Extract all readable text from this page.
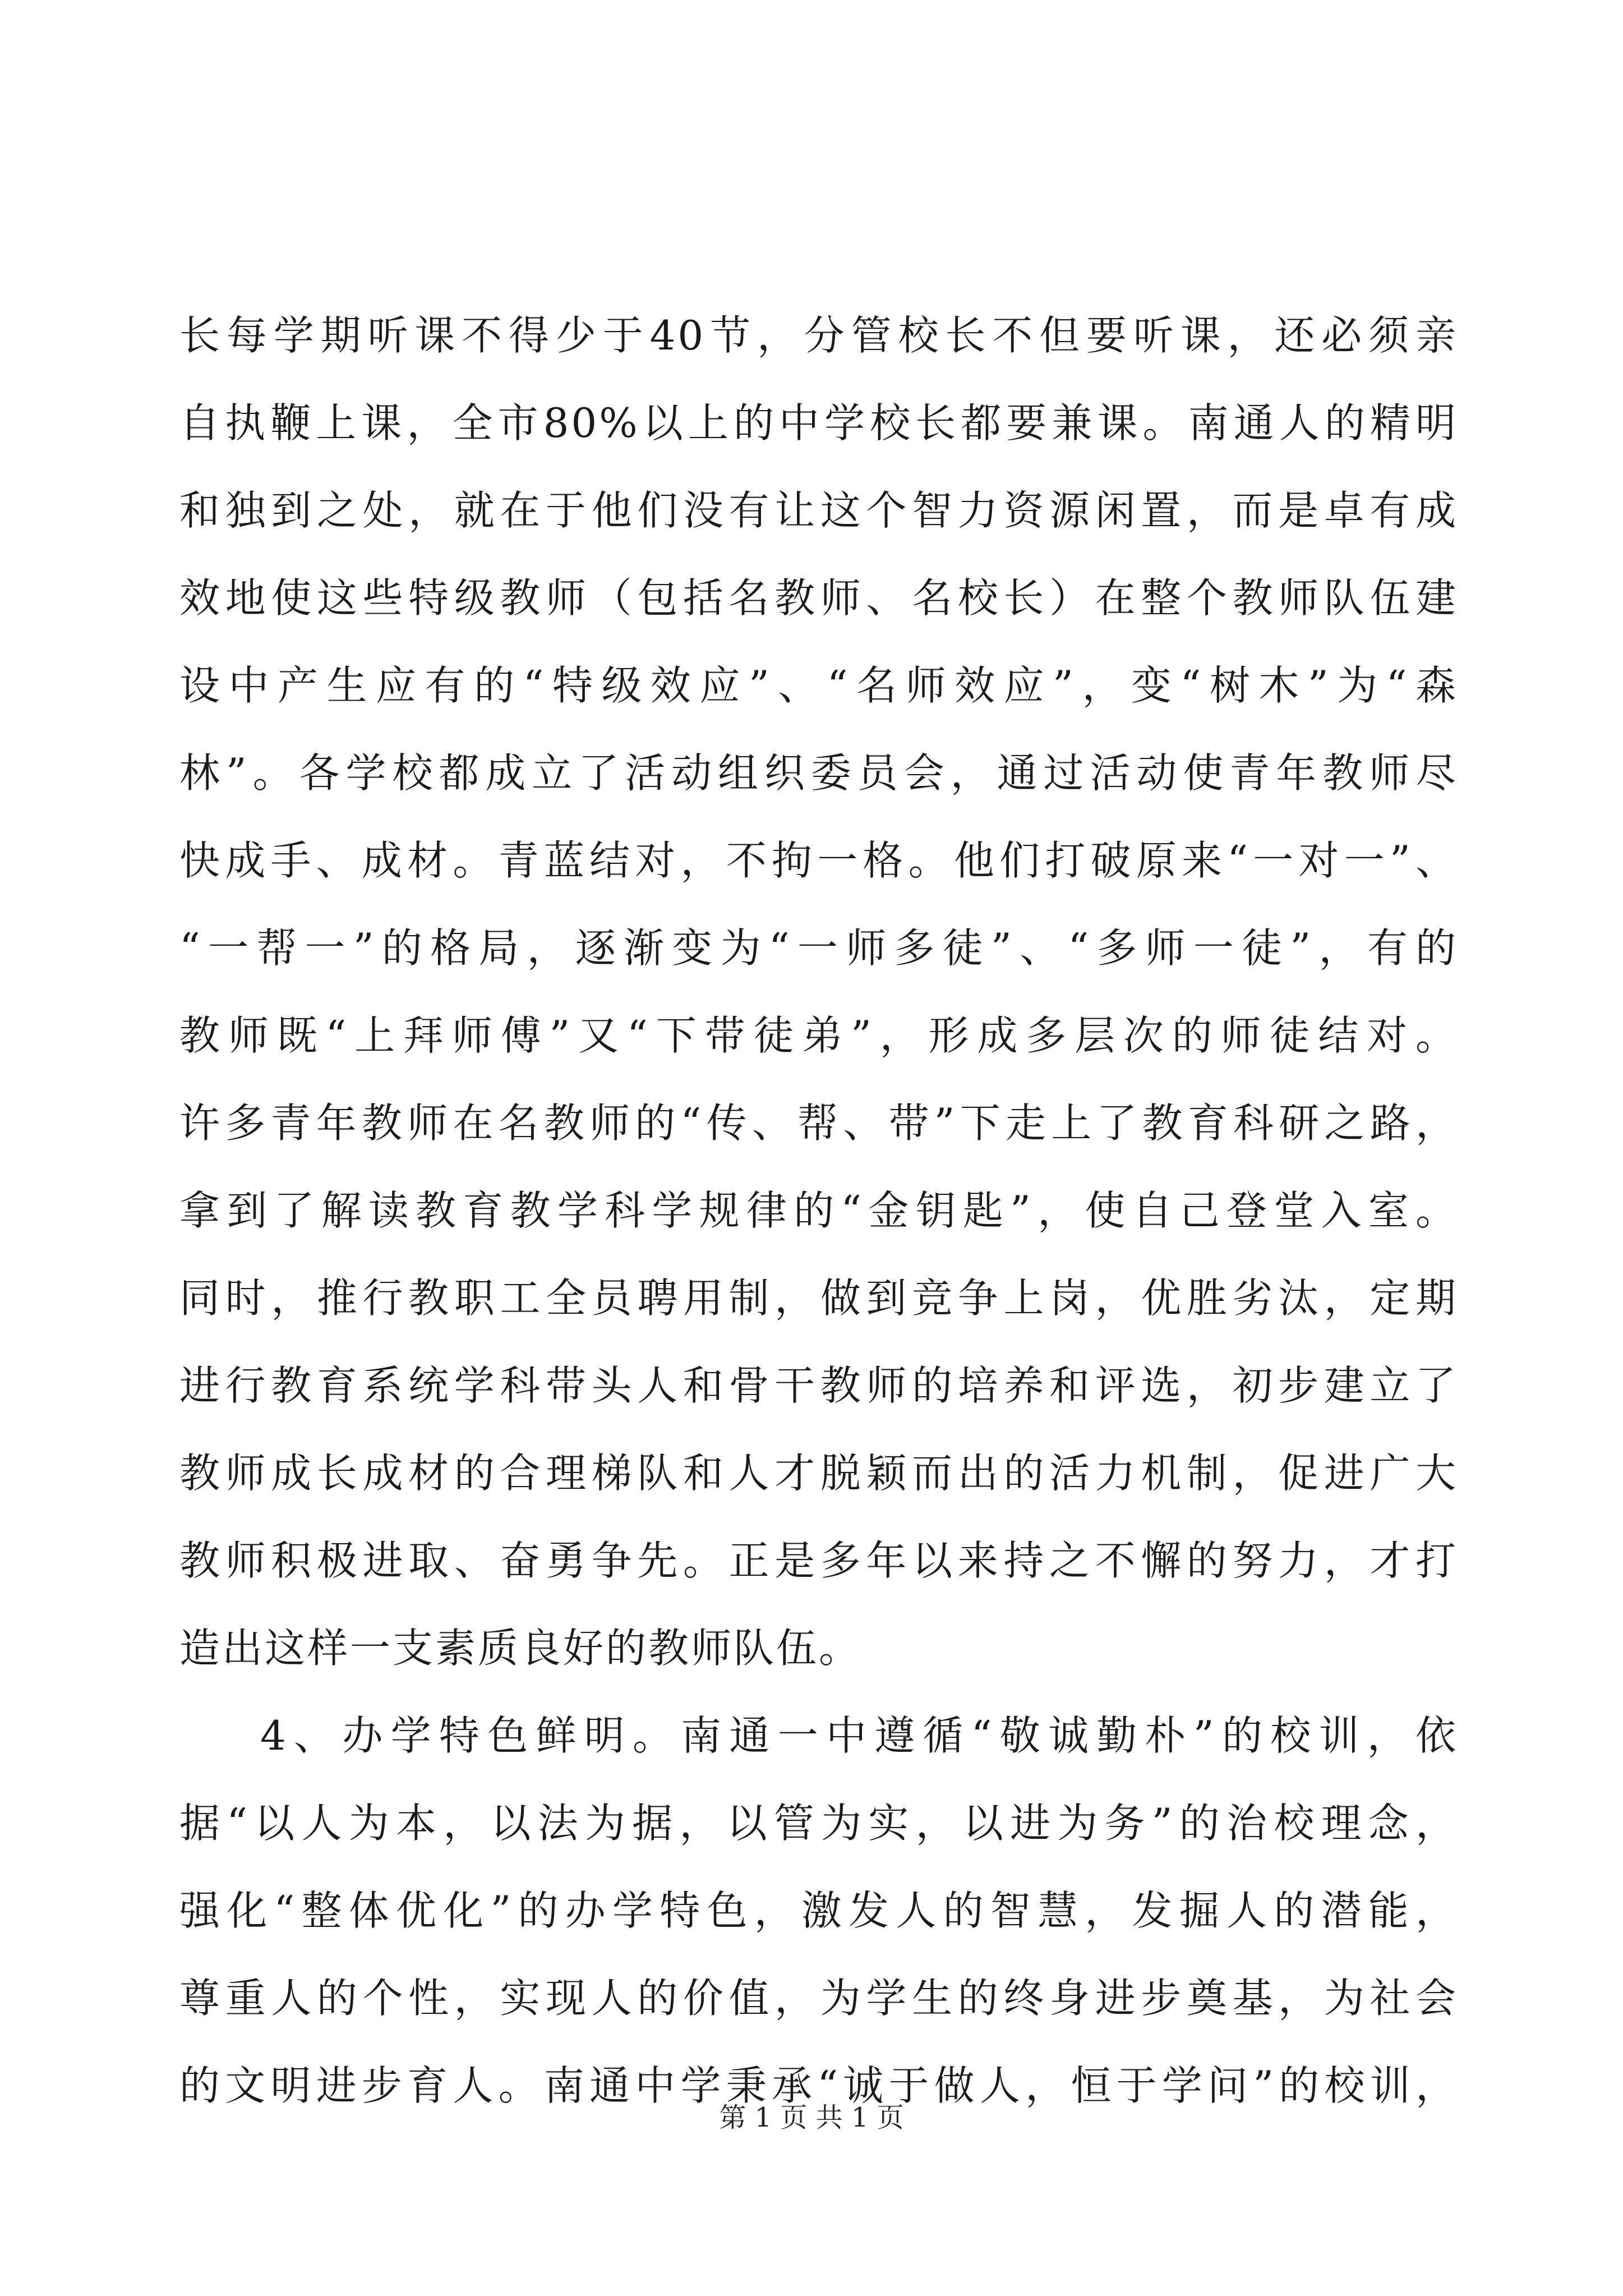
长每学期听课不得少于40节，分管校长不但要听课，还必须亲
自执鞭上课，全市80%以上的中学校长都要兼课。南通人的精明
和独到之处，就在于他们没有让这个智力资源闲置，而是卓有成
效地使这些特级教师（包括名教师、名校长）在整个教师队伍建
设中产生应有的“特级效应”、“名师效应”，变“树木”为“森
林”。各学校都成立了活动组织委员会，通过活动使青年教师尽
快成手、成材。青蓝结对，不拘一格。他们打破原来“一对一”、
“一帮一”的格局，逐渐变为“一师多徒”、“多师一徒”，有的
教师既“上拜师傅”又“下带徒弟”，形成多层次的师徒结对。
许多青年教师在名教师的“传、帮、带”下走上了教育科研之路，
拿到了解读教育教学科学规律的“金钥匙”，使自己登堂入室。
同时，推行教职工全员聘用制，做到竞争上岗，优胜劣汰，定期
进行教育系统学科带头人和骨干教师的培养和评选，初步建立了
教师成长成材的合理梯队和人才脱颖而出的活力机制，促进广大
教师积极进取、奋勇争先。正是多年以来持之不懈的努力，才打
造出这样一支素质良好的教师队伍。
4、办学特色鲜明。南通一中遵循“敬诚勤朴”的校训，依
据“以人为本，以法为据，以管为实，以进为务”的治校理念，
强化“整体优化”的办学特色，激发人的智慧，发掘人的潜能，
尊重人的个性，实现人的价值，为学生的终身进步奠基，为社会
的文明进步育人。南通中学秉承“诚于做人，恒于学问”的校训，
第 1 页 共 1 页
